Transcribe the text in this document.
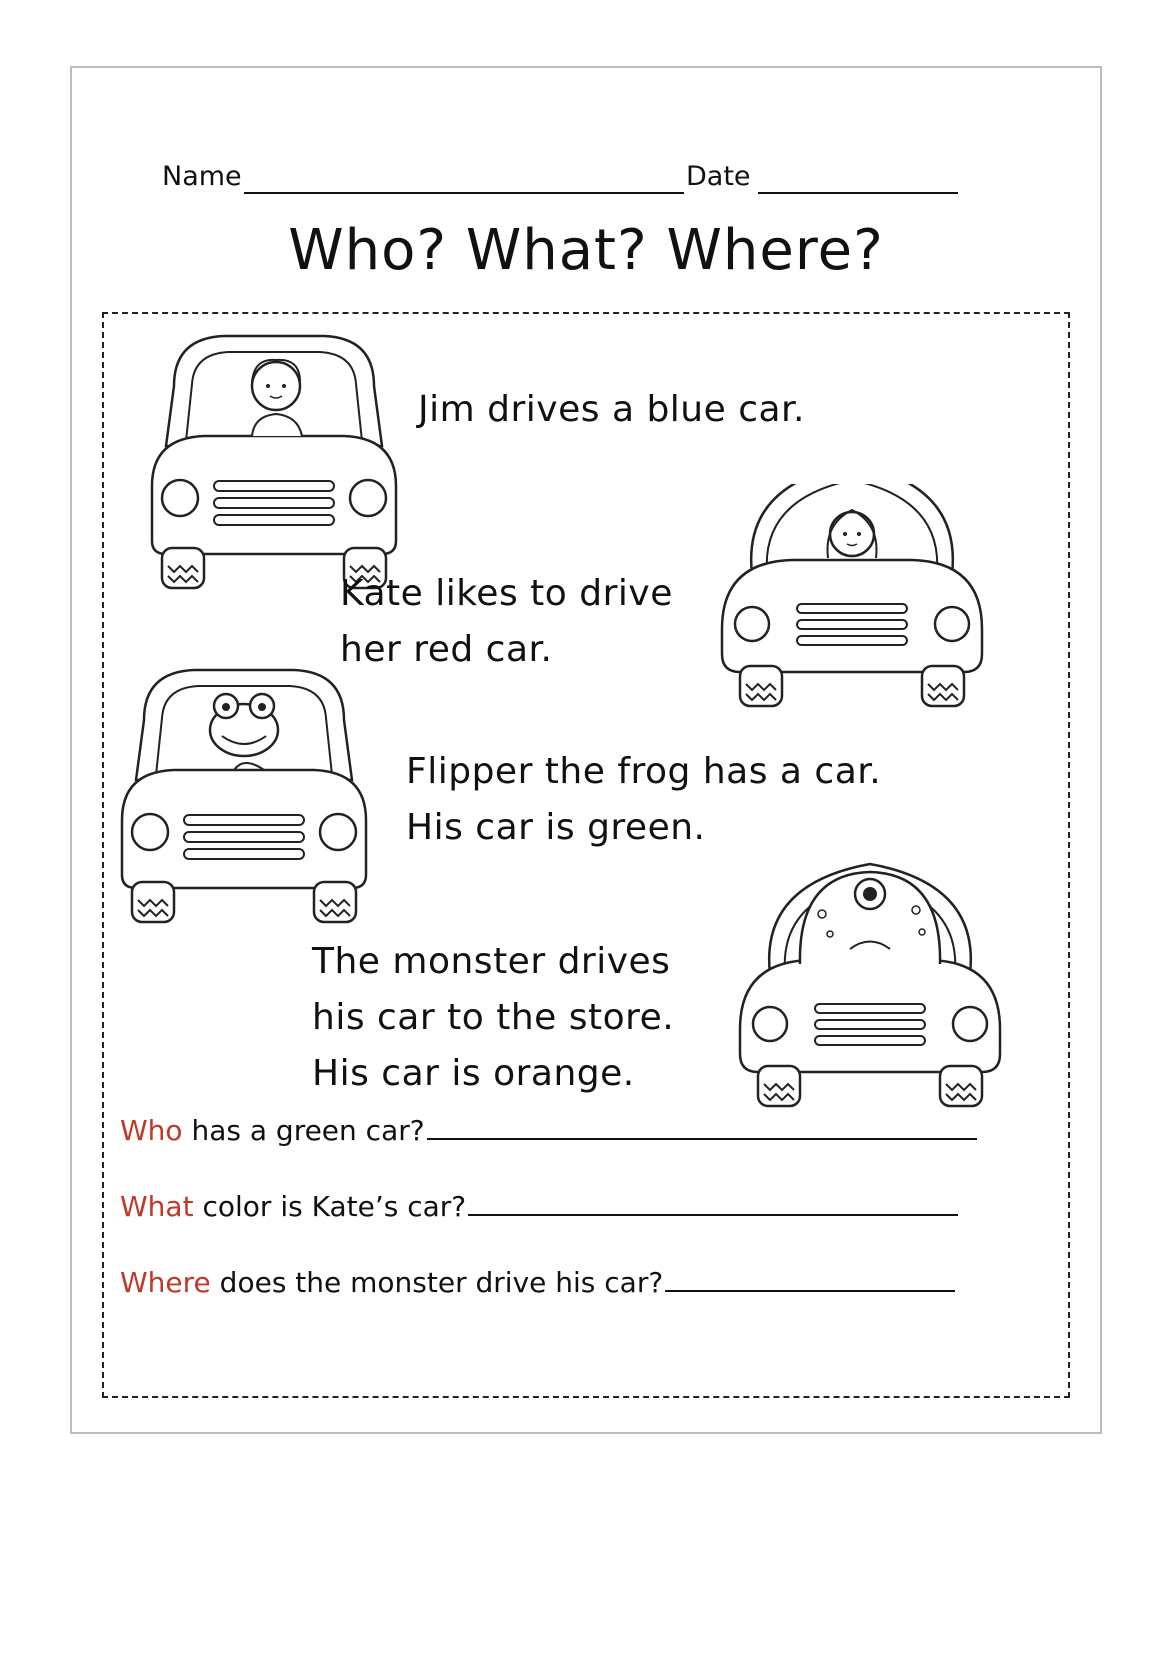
Name	Date
Who? What? Where?
Jim drives a blue car.
Kate likes to drive
her red car.
Flipper the frog has a car.
His car is green.
The monster drives
his car to the store.
His car is orange.
Who has a green car?
What color is Kate’s car?
Where does the monster drive his car?
